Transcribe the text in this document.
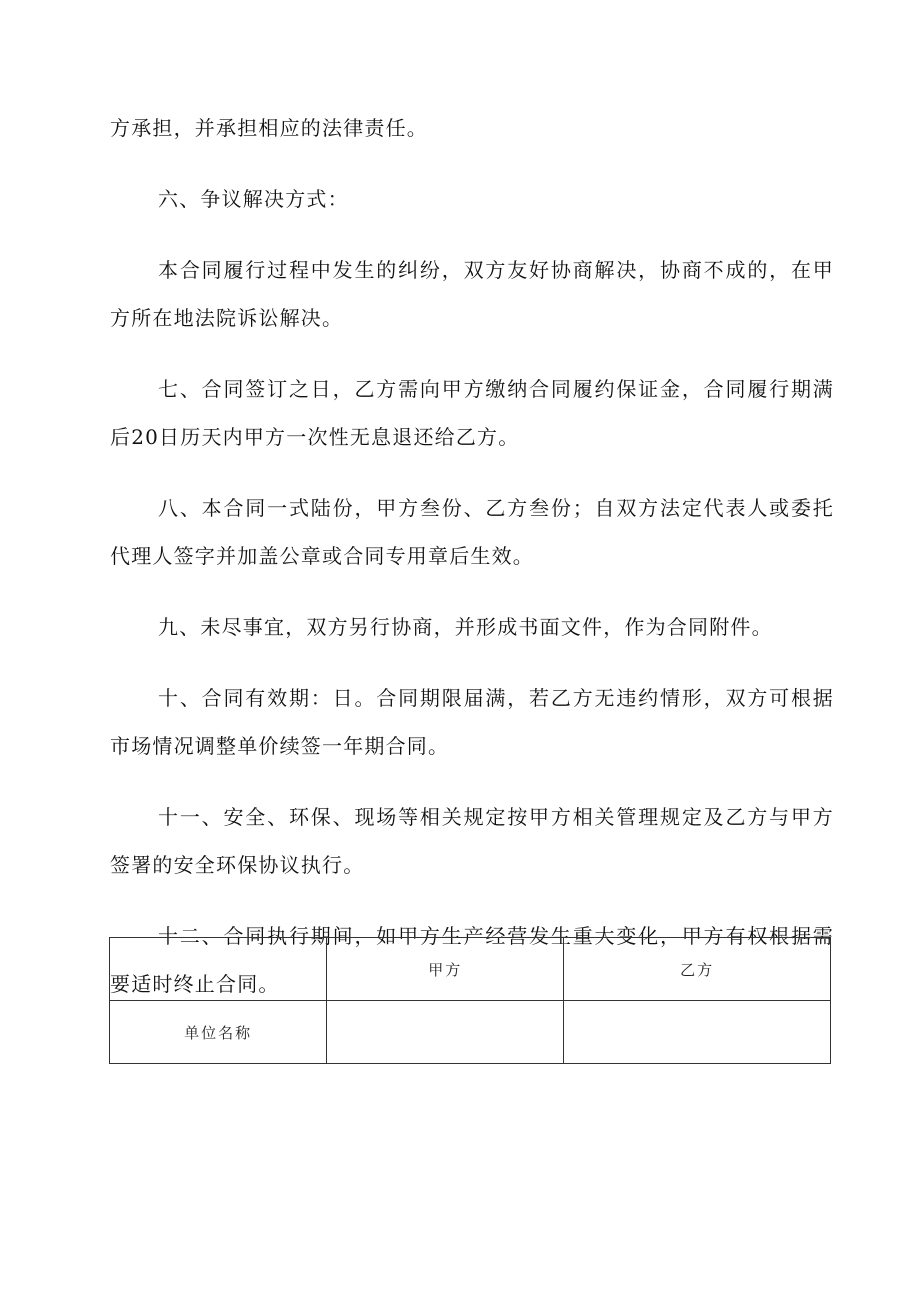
方承担，并承担相应的法律责任。

六、争议解决方式：

本合同履行过程中发生的纠纷，双方友好协商解决，协商不成的，在甲方所在地法院诉讼解决。

七、合同签订之日，乙方需向甲方缴纳合同履约保证金，合同履行期满后20日历天内甲方一次性无息退还给乙方。

八、本合同一式陆份，甲方叁份、乙方叁份；自双方法定代表人或委托代理人签字并加盖公章或合同专用章后生效。

九、未尽事宜，双方另行协商，并形成书面文件，作为合同附件。

十、合同有效期：日。合同期限届满，若乙方无违约情形，双方可根据市场情况调整单价续签一年期合同。

十一、安全、环保、现场等相关规定按甲方相关管理规定及乙方与甲方签署的安全环保协议执行。

十二、合同执行期间，如甲方生产经营发生重大变化，甲方有权根据需要适时终止合同。

	甲方	乙方
单位名称		
